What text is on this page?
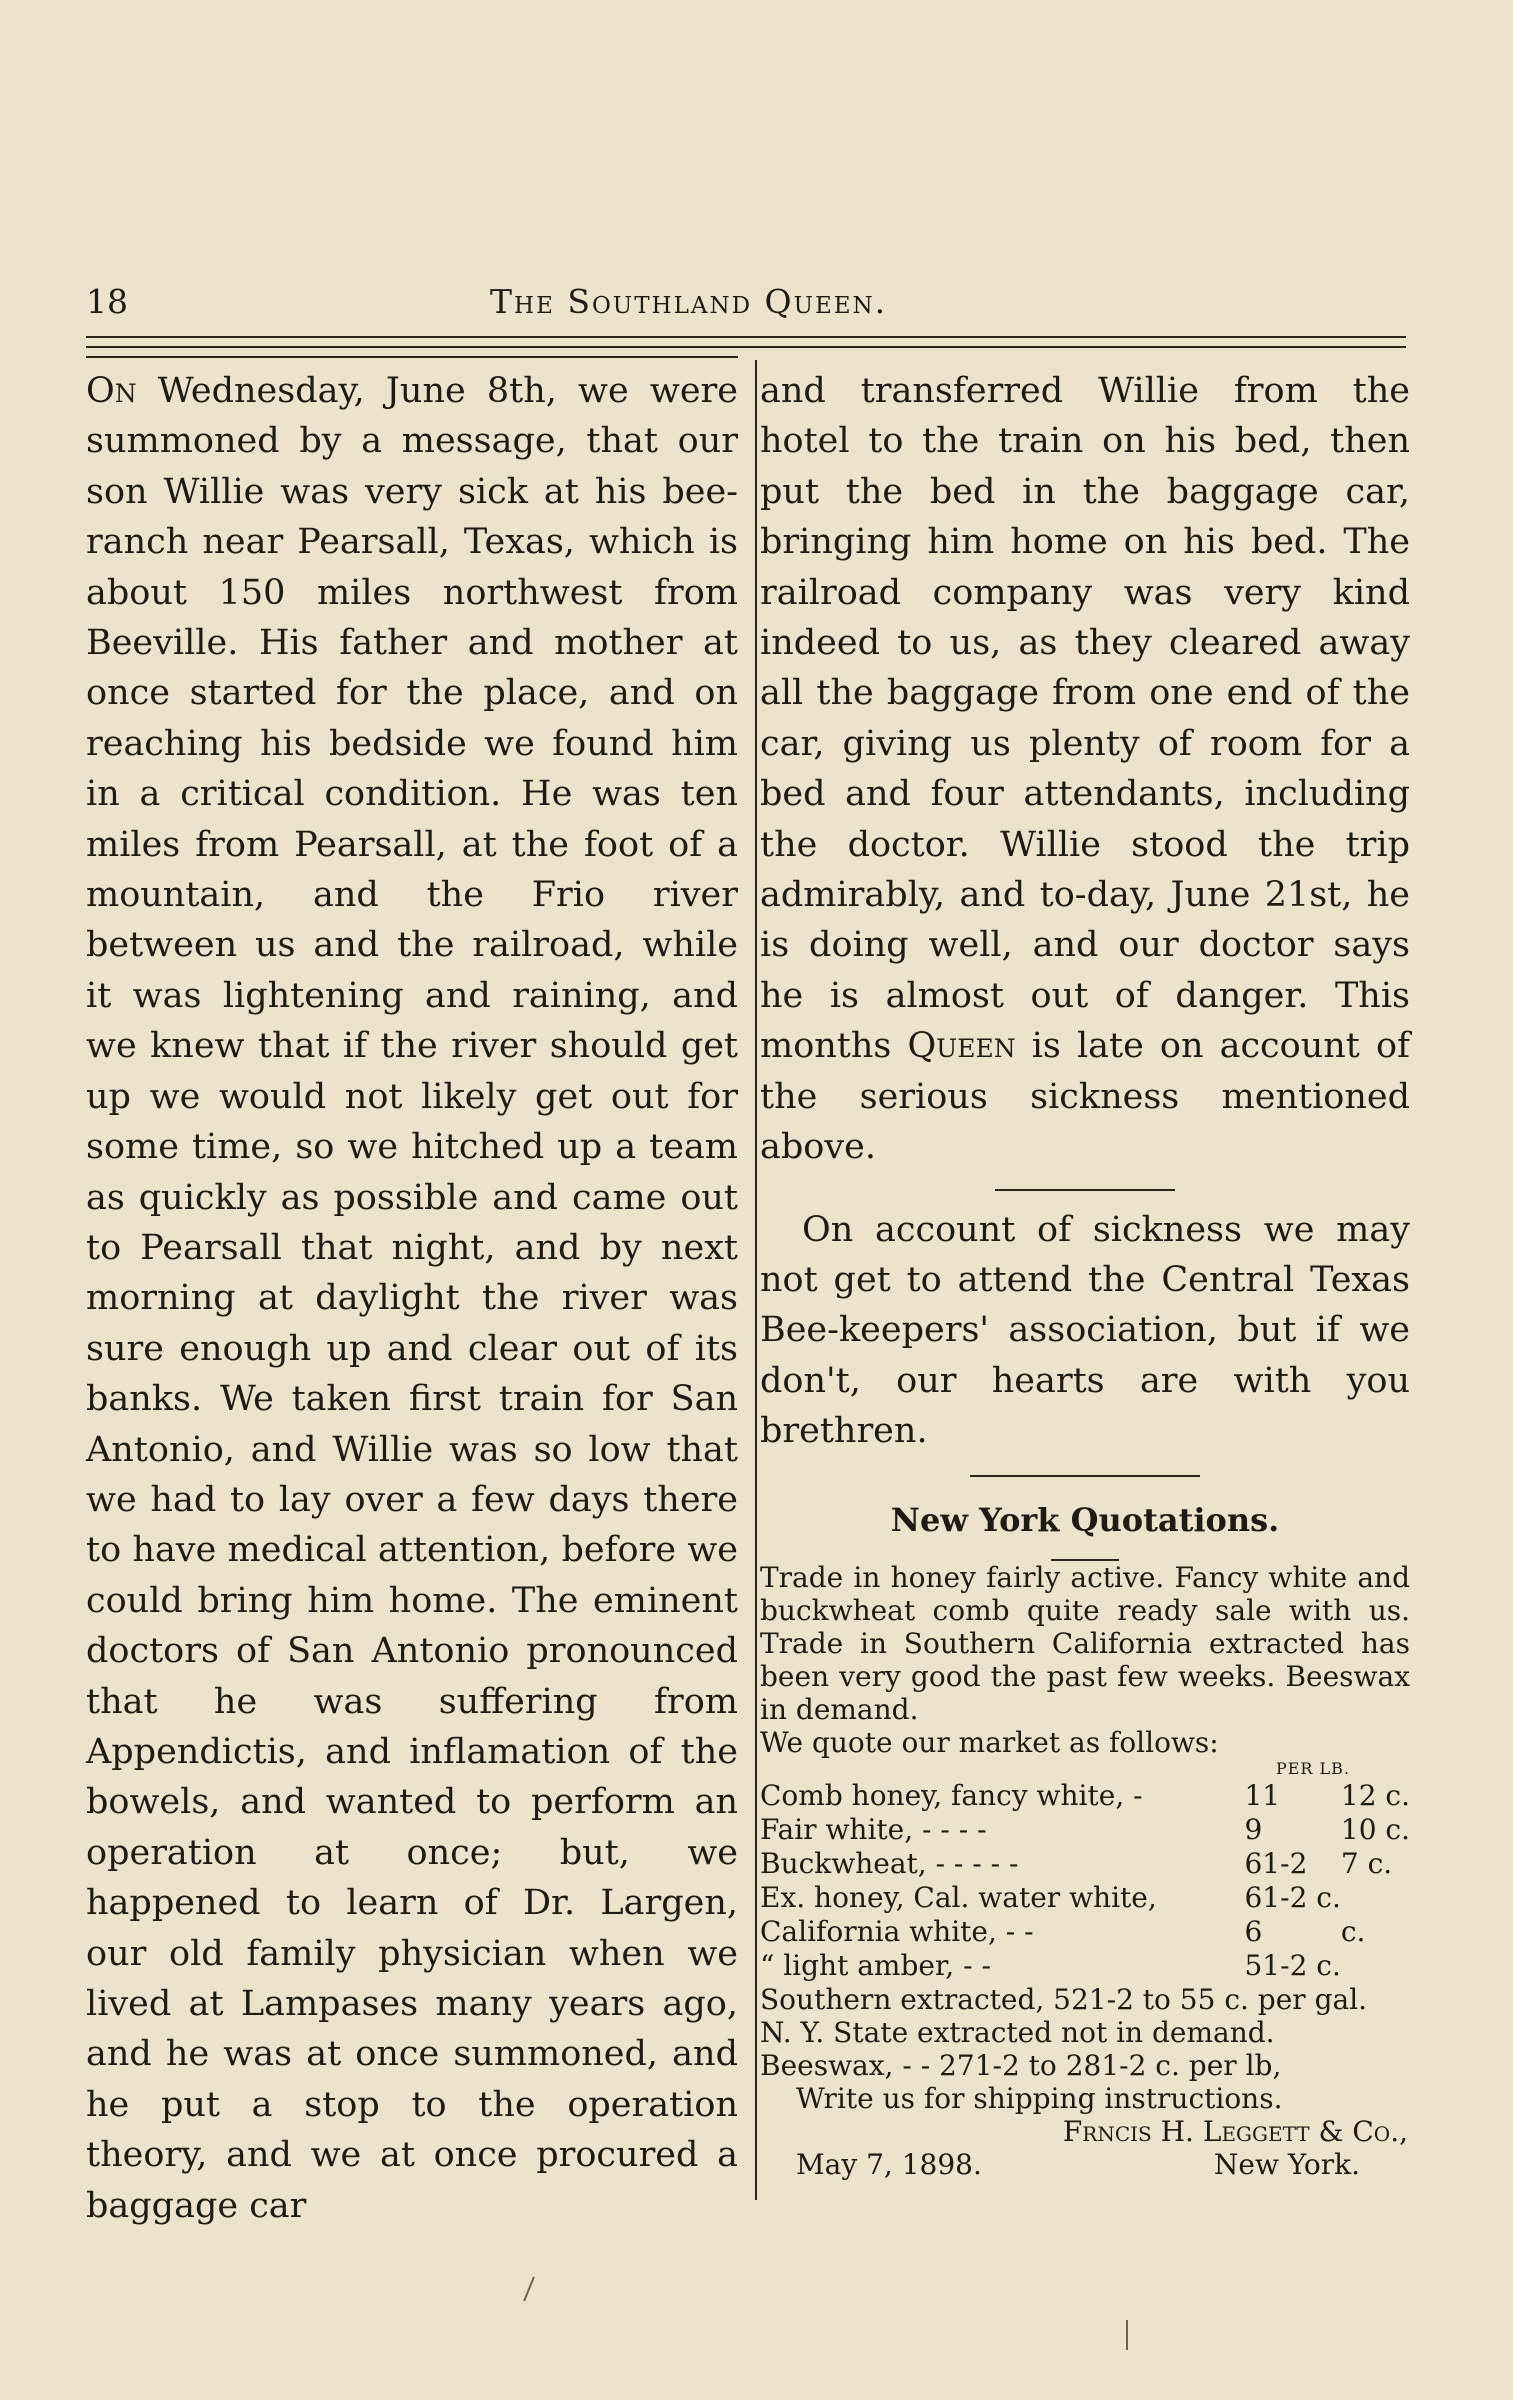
18	The Southland Queen.

On Wednesday, June 8th, we were summoned by a message, that our son Willie was very sick at his bee-ranch near Pearsall, Texas, which is about 150 miles northwest from Beeville. His father and mother at once started for the place, and on reaching his bedside we found him in a critical condition. He was ten miles from Pearsall, at the foot of a mountain, and the Frio river between us and the railroad, while it was lightening and raining, and we knew that if the river should get up we would not likely get out for some time, so we hitched up a team as quickly as possible and came out to Pearsall that night, and by next morning at daylight the river was sure enough up and clear out of its banks. We taken first train for San Antonio, and Willie was so low that we had to lay over a few days there to have medical attention, before we could bring him home. The eminent doctors of San Antonio pronounced that he was suffering from Appendictis, and inflamation of the bowels, and wanted to perform an operation at once; but, we happened to learn of Dr. Largen, our old family physician when we lived at Lampases many years ago, and he was at once summoned, and he put a stop to the operation theory, and we at once procured a baggage car

and transferred Willie from the hotel to the train on his bed, then put the bed in the baggage car, bringing him home on his bed. The railroad company was very kind indeed to us, as they cleared away all the baggage from one end of the car, giving us plenty of room for a bed and four attendants, including the doctor. Willie stood the trip admirably, and to-day, June 21st, he is doing well, and our doctor says he is almost out of danger. This months Queen is late on account of the serious sickness mentioned above.

On account of sickness we may not get to attend the Central Texas Bee-keepers' association, but if we don't, our hearts are with you brethren.

New York Quotations.

Trade in honey fairly active. Fancy white and buckwheat comb quite ready sale with us. Trade in Southern California extracted has been very good the past few weeks. Beeswax in demand.

We quote our market as follows:

PER LB.
Comb honey, fancy white, -	11	12 c.
Fair white, - - - -	9	10 c.
Buckwheat, - - - - -	61-2	7 c.
Ex. honey, Cal. water white,	61-2 c.	
California white, - -	6	c.
“ light amber, - -	51-2 c.	

Southern extracted, 521-2 to 55 c. per gal.

N. Y. State extracted not in demand.

Beeswax, - - 271-2 to 281-2 c. per lb,

Write us for shipping instructions.

Frncis H. Leggett & Co.,

May 7, 1898.	New York.
